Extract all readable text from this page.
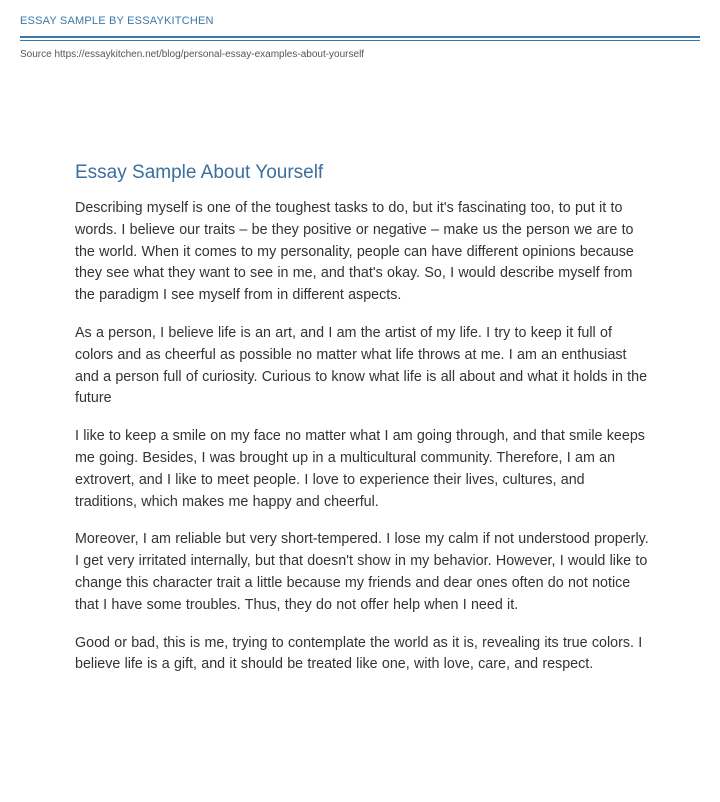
ESSAY SAMPLE BY ESSAYKITCHEN
Source https://essaykitchen.net/blog/personal-essay-examples-about-yourself
Essay Sample About Yourself

Describing myself is one of the toughest tasks to do, but it's fascinating too, to put it to words. I believe our traits – be they positive or negative – make us the person we are to the world. When it comes to my personality, people can have different opinions because they see what they want to see in me, and that's okay. So, I would describe myself from the paradigm I see myself from in different aspects.

As a person, I believe life is an art, and I am the artist of my life. I try to keep it full of colors and as cheerful as possible no matter what life throws at me. I am an enthusiast and a person full of curiosity. Curious to know what life is all about and what it holds in the future

I like to keep a smile on my face no matter what I am going through, and that smile keeps me going. Besides, I was brought up in a multicultural community. Therefore, I am an extrovert, and I like to meet people. I love to experience their lives, cultures, and traditions, which makes me happy and cheerful.

Moreover, I am reliable but very short-tempered. I lose my calm if not understood properly. I get very irritated internally, but that doesn't show in my behavior. However, I would like to change this character trait a little because my friends and dear ones often do not notice that I have some troubles. Thus, they do not offer help when I need it.

Good or bad, this is me, trying to contemplate the world as it is, revealing its true colors. I believe life is a gift, and it should be treated like one, with love, care, and respect.
